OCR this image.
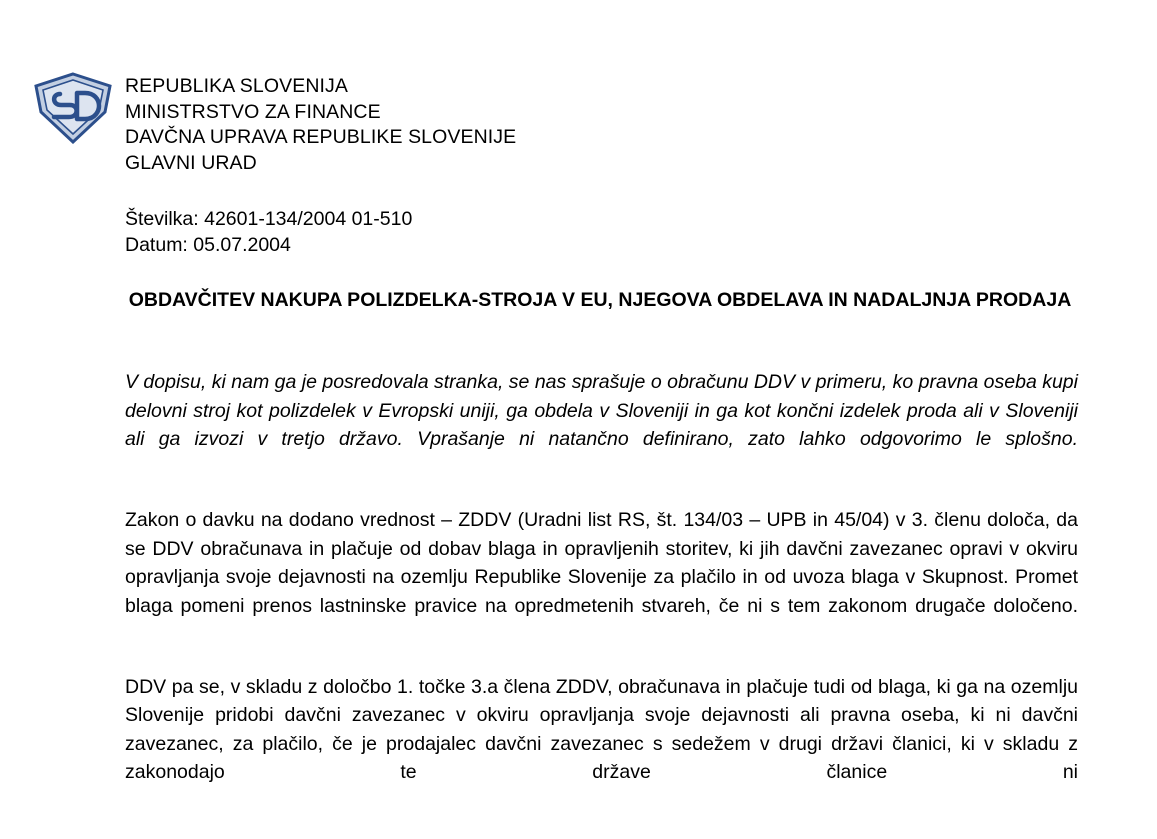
REPUBLIKA SLOVENIJA
MINISTRSTVO ZA FINANCE
DAVČNA UPRAVA REPUBLIKE SLOVENIJE
GLAVNI URAD
Številka: 42601-134/2004 01-510
Datum: 05.07.2004
OBDAVČITEV NAKUPA POLIZDELKA-STROJA V EU, NJEGOVA OBDELAVA IN NADALJNJA PRODAJA

V dopisu, ki nam ga je posredovala stranka, se nas sprašuje o obračunu DDV v primeru, ko pravna oseba kupi delovni stroj kot polizdelek v Evropski uniji, ga obdela v Sloveniji in ga kot končni izdelek proda ali v Sloveniji ali ga izvozi v tretjo državo. Vprašanje ni natančno definirano, zato lahko odgovorimo le splošno.

Zakon o davku na dodano vrednost – ZDDV (Uradni list RS, št. 134/03 – UPB in 45/04) v 3. členu določa, da se DDV obračunava in plačuje od dobav blaga in opravljenih storitev, ki jih davčni zavezanec opravi v okviru opravljanja svoje dejavnosti na ozemlju Republike Slovenije za plačilo in od uvoza blaga v Skupnost. Promet blaga pomeni prenos lastninske pravice na opredmetenih stvareh, če ni s tem zakonom drugače določeno.

DDV pa se, v skladu z določbo 1. točke 3.a člena ZDDV, obračunava in plačuje tudi od blaga, ki ga na ozemlju Slovenije pridobi davčni zavezanec v okviru opravljanja svoje dejavnosti ali pravna oseba, ki ni davčni zavezanec, za plačilo, če je prodajalec davčni zavezanec s sedežem v drugi državi članici, ki v skladu z zakonodajo te države članice ni
